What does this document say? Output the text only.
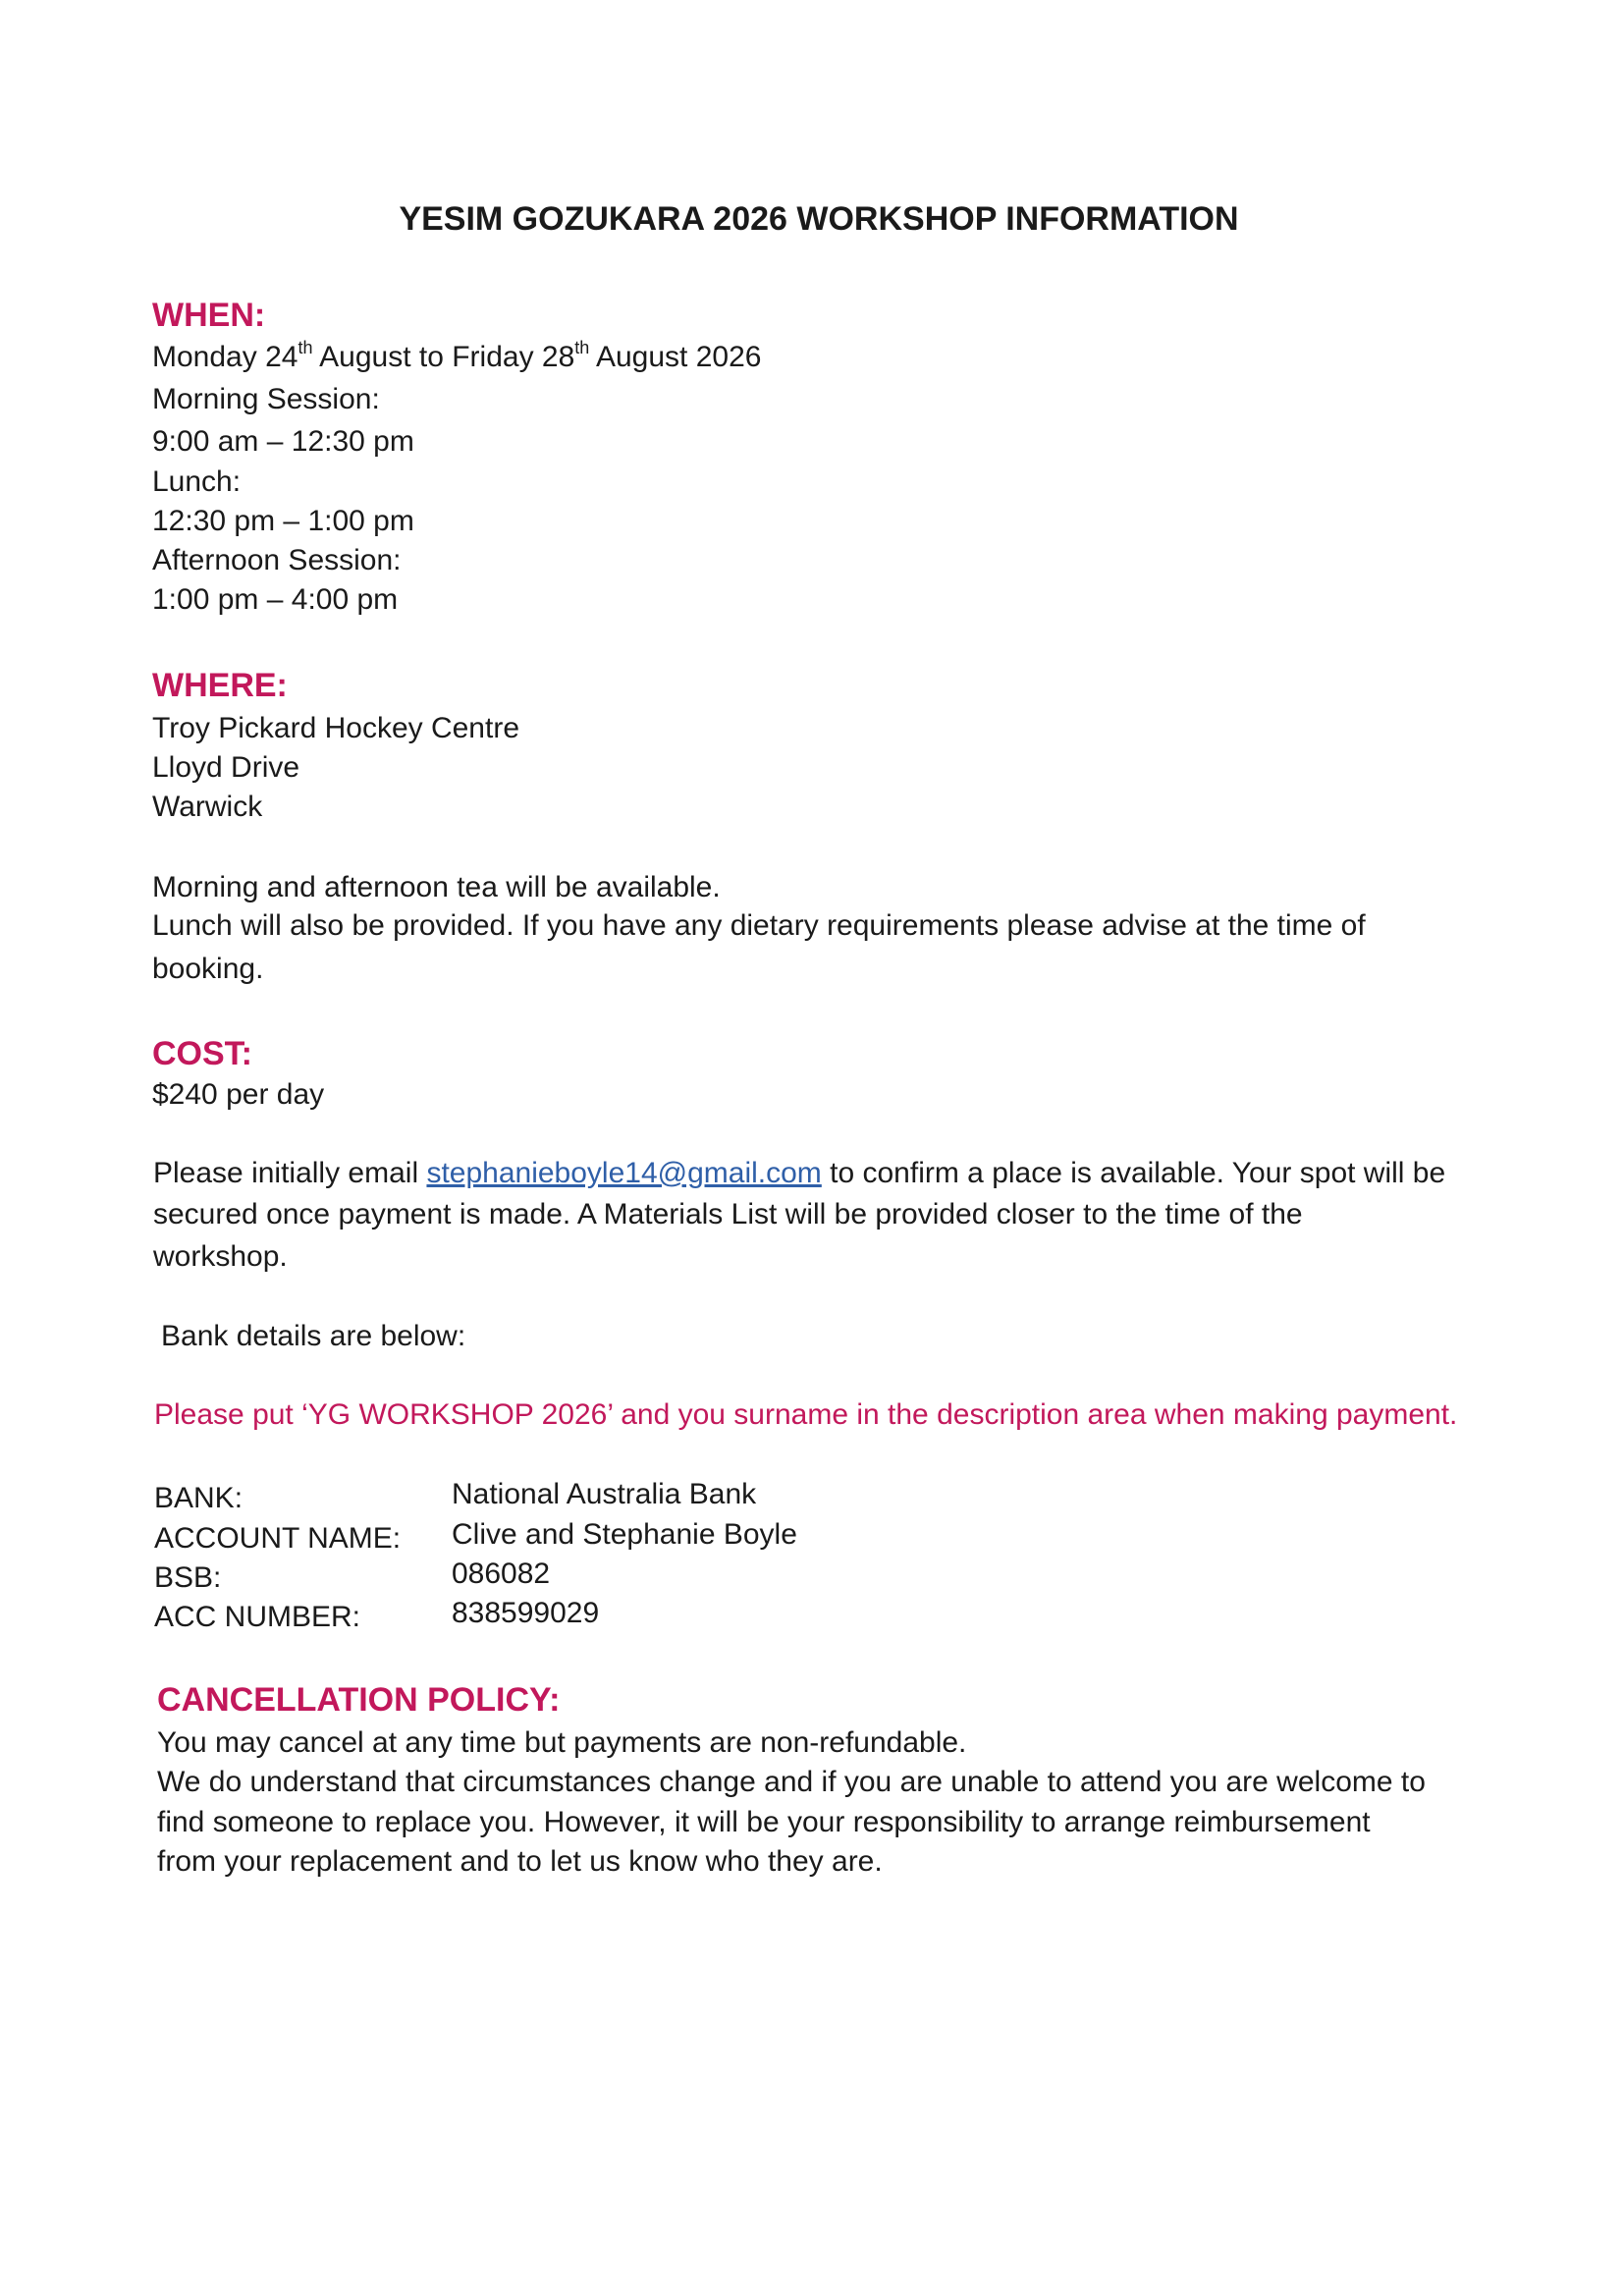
YESIM GOZUKARA 2026 WORKSHOP INFORMATION
WHEN:
Monday 24th August to Friday 28th August 2026
Morning Session:
9:00 am – 12:30 pm
Lunch:
12:30 pm – 1:00 pm
Afternoon Session:
1:00 pm – 4:00 pm
WHERE:
Troy Pickard Hockey Centre
Lloyd Drive
Warwick
Morning and afternoon tea will be available.
Lunch will also be provided. If you have any dietary requirements please advise at the time of
booking.
COST:
$240 per day
Please initially email stephanieboyle14@gmail.com to confirm a place is available. Your spot will be
secured once payment is made. A Materials List will be provided closer to the time of the
workshop.
Bank details are below:
Please put ‘YG WORKSHOP 2026’ and you surname in the description area when making payment.
BANK:	National Australia Bank
ACCOUNT NAME: Clive and Stephanie Boyle
BSB:	086082
ACC NUMBER:	838599029
CANCELLATION POLICY:
You may cancel at any time but payments are non-refundable.
We do understand that circumstances change and if you are unable to attend you are welcome to
find someone to replace you. However, it will be your responsibility to arrange reimbursement
from your replacement and to let us know who they are.
